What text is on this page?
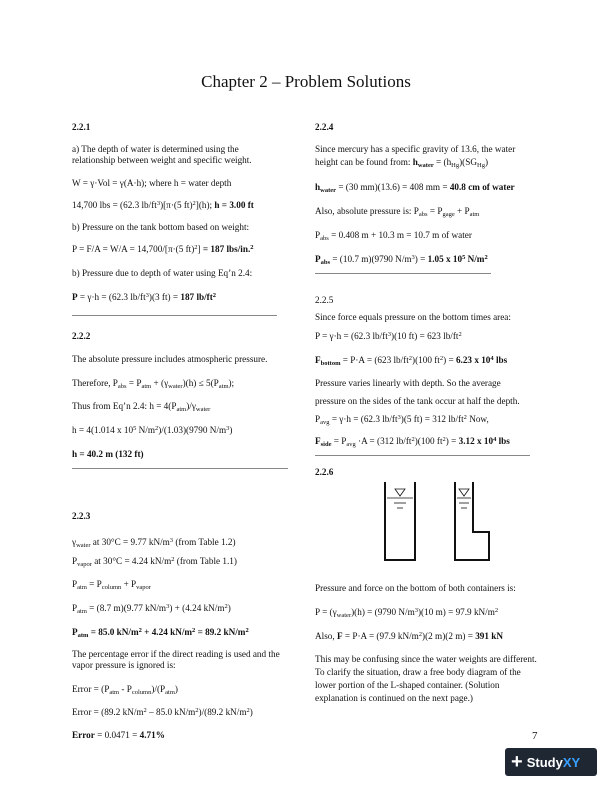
Chapter 2 – Problem Solutions
2.2.1
a) The depth of water is determined using the
relationship between weight and specific weight.
W = γ·Vol = γ(A·h); where h = water depth
14,700 lbs = (62.3 $lb/ft^3)[\pi\cdot(5$ ft)$^2$](h); h = 3.00 ft
b) Pressure on the tank bottom based on weight:
P = F/A = W/A = 14,700/[π·(5 ft)$^2$] = 187 lbs/in.$^2$
b) Pressure due to depth of water using Eq’n 2.4:
P = γ·h = (62.3 $lb/ft^3)(3$ ft) = 187 $lb/ft^2$
2.2.2
The absolute pressure includes atmospheric pressure.
Therefore, $P_{abs} = P_{atm} + (\gamma_{water})(h) \le 5(P_{atm})$;
Thus from Eq’n 2.4: $h = 4(P_{atm})/\gamma_{water}$
h = 4(1.014 x $10^5$ $N/m^2)/(1.03)(9790$ $N/m^3$)
h = 40.2 m (132 ft)
2.2.3
$\gamma_{water}$ at 30°C = 9.77 $kN/m^3$ (from Table 1.2)
$P_{vapor}$ at 30°C = 4.24 $kN/m^2$ (from Table 1.1)
$P_{atm} = P_{column} + P_{vapor}$
$P_{atm} = (8.7$ m)(9.77 $kN/m^3) + (4.24$ $kN/m^2$)
$P_{atm} = 85.0$ $kN/m^2 + 4.24$ $kN/m^2 = 89.2$ $kN/m^2$
The percentage error if the direct reading is used and the vapor pressure is ignored is:
Error = $(P_{atm} - P_{column})/(P_{atm})$
Error = (89.2 $kN/m^2 - 85.0$ $kN/m^2)/(89.2$ $kN/m^2$)
Error = 0.0471 = 4.71%
2.2.4
Since mercury has a specific gravity of 13.6, the water
height can be found from: $h_{water} = (h_{Hg})(SG_{Hg})$
$h_{water} = (30$ mm)(13.6) = 408 mm = 40.8 cm of water
Also, absolute pressure is: $P_{abs} = P_{gage} + P_{atm}$
$P_{abs} = 0.408$ m + 10.3 m = 10.7 m of water
$P_{abs} = (10.7$ m)(9790 $N/m^3) = 1.05$ x $10^5$ $N/m^2$
2.2.5
Since force equals pressure on the bottom times area:
P = γ·h = (62.3 $lb/ft^3)(10$ ft) = 623 $lb/ft^2$
$F_{bottom} = P\cdot A = (623$ $lb/ft^2)(100$ $ft^2) = 6.23$ x $10^4$ lbs
Pressure varies linearly with depth. So the average
pressure on the sides of the tank occur at half the depth.
$P_{avg} = \gamma\cdot h = (62.3$ $lb/ft^3)(5$ ft) = 312 $lb/ft^2$ Now,
$F_{side} = P_{avg} \cdot A = (312$ $lb/ft^2)(100$ $ft^2) = 3.12$ x $10^4$ lbs
2.2.6
Pressure and force on the bottom of both containers is:
$P = (\gamma_{water})(h) = (9790$ $N/m^3)(10$ m) = 97.9 $kN/m^2$
Also, F = P·A = (97.9 $kN/m^2)(2$ m)(2 m) = 391 kN
This may be confusing since the water weights are different. To clarify the situation, draw a free body diagram of the lower portion of the L-shaped container. (Solution explanation is continued on the next page.)
7
+ StudyXY
